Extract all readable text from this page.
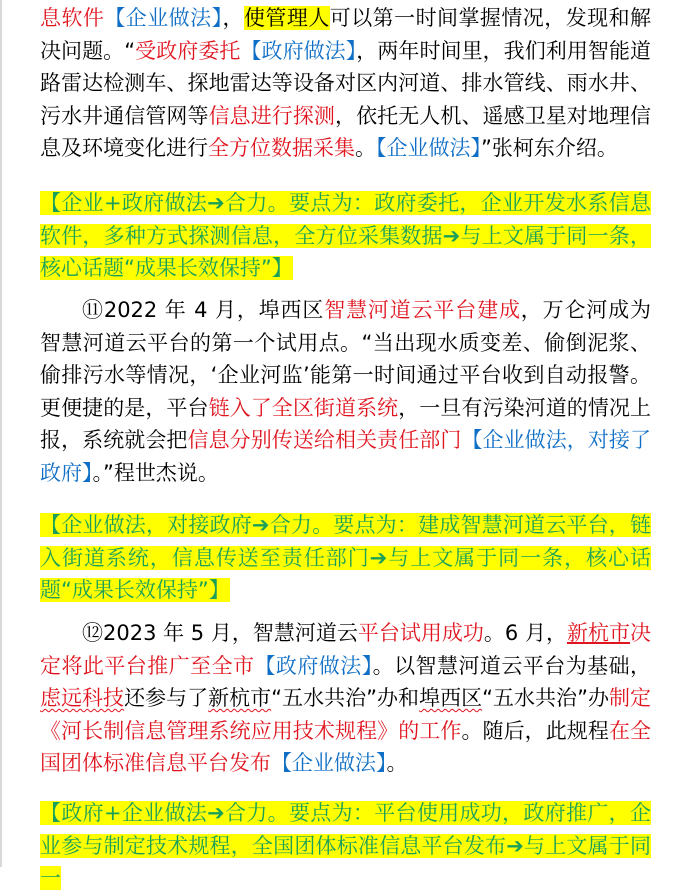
息软件【企业做法】，使管理人可以第一时间掌握情况，发现和解决问题。“受政府委托【政府做法】，两年时间里，我们利用智能道路雷达检测车、探地雷达等设备对区内河道、排水管线、雨水井、污水井通信管网等信息进行探测，依托无人机、遥感卫星对地理信息及环境变化进行全方位数据采集。【企业做法】”张柯东介绍。

【企业+政府做法➔合力。要点为：政府委托，企业开发水系信息软件，多种方式探测信息，全方位采集数据➔与上文属于同一条，核心话题“成果长效保持”】

⑪2022 年 4 月，埠西区智慧河道云平台建成，万仑河成为智慧河道云平台的第一个试用点。“当出现水质变差、偷倒泥浆、偷排污水等情况，‘企业河监’能第一时间通过平台收到自动报警。更便捷的是，平台链入了全区街道系统，一旦有污染河道的情况上报，系统就会把信息分别传送给相关责任部门【企业做法，对接了政府】。”程世杰说。

【企业做法，对接政府➔合力。要点为：建成智慧河道云平台，链入街道系统，信息传送至责任部门➔与上文属于同一条，核心话题“成果长效保持”】

⑫2023 年 5 月，智慧河道云平台试用成功。6 月，新杭市决定将此平台推广至全市【政府做法】。以智慧河道云平台为基础，虑远科技还参与了新杭市“五水共治”办和埠西区“五水共治”办制定《河长制信息管理系统应用技术规程》的工作。随后，此规程在全国团体标准信息平台发布【企业做法】。

【政府+企业做法➔合力。要点为：平台使用成功，政府推广，企业参与制定技术规程，全国团体标准信息平台发布➔与上文属于同一
